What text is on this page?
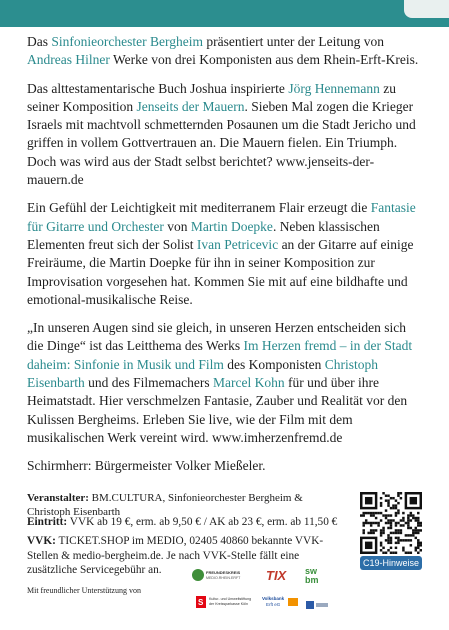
Das Sinfonieorchester Bergheim präsentiert unter der Leitung von Andreas Hilner Werke von drei Komponisten aus dem Rhein-Erft-Kreis.

Das alttestamentarische Buch Joshua inspirierte Jörg Hennemann zu seiner Komposition Jenseits der Mauern. Sieben Mal zogen die Krieger Israels mit machtvoll schmetternden Posaunen um die Stadt Jericho und griffen in vollem Gottvertrauen an. Die Mauern fielen. Ein Triumph. Doch was wird aus der Stadt selbst berichtet? www.jenseits-der-mauern.de

Ein Gefühl der Leichtigkeit mit mediterranem Flair erzeugt die Fantasie für Gitarre und Orchester von Martin Doepke. Neben klassischen Elementen freut sich der Solist Ivan Petricevic an der Gitarre auf einige Freiräume, die Martin Doepke für ihn in seiner Komposition zur Improvisation vorgesehen hat. Kommen Sie mit auf eine bildhafte und emotional-musikalische Reise.

„In unseren Augen sind sie gleich, in unseren Herzen entscheiden sich die Dinge“ ist das Leitthema des Werks Im Herzen fremd – in der Stadt daheim: Sinfonie in Musik und Film des Komponisten Christoph Eisenbarth und des Filmemachers Marcel Kohn für und über ihre Heimatstadt. Hier verschmelzen Fantasie, Zauber und Realität vor den Kulissen Bergheims. Erleben Sie live, wie der Film mit dem musikalischen Werk vereint wird. www.imherzenfremd.de

Schirmherr: Bürgermeister Volker Mießeler.

Veranstalter: BM.CULTURA, Sinfonieorchester Bergheim & Christoph Eisenbarth

Eintritt: VVK ab 19 €, erm. ab 9,50 € / AK ab 23 €, erm. ab 11,50 €

VVK: TICKET.SHOP im MEDIO, 02405 40860 bekannte VVK-Stellen & medio-bergheim.de. Je nach VVK-Stelle fällt eine zusätzliche Servicegebühr an.

C19-Hinweise
Mit freundlicher Unterstützung von
FREUNDESKREIS
MEDIO.RHEIN.ERFT TIX sw
bm
S Kultur- und Umweltstiftung
der Kreissparkasse Köln
Volksbank
Erft eG
